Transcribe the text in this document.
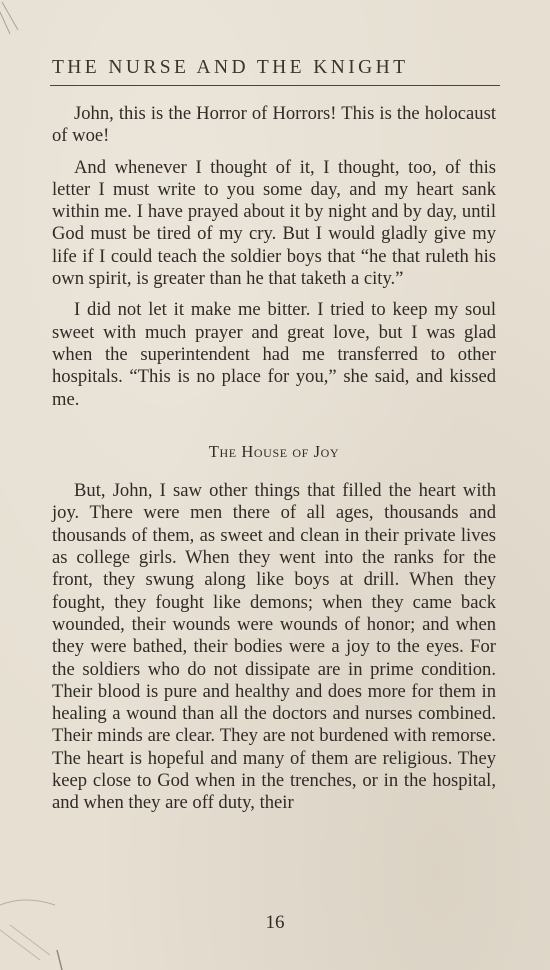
THE NURSE AND THE KNIGHT

John, this is the Horror of Horrors! This is the holocaust of woe!

And whenever I thought of it, I thought, too, of this letter I must write to you some day, and my heart sank within me. I have prayed about it by night and by day, until God must be tired of my cry. But I would gladly give my life if I could teach the soldier boys that “he that ruleth his own spirit, is greater than he that taketh a city.”

I did not let it make me bitter. I tried to keep my soul sweet with much prayer and great love, but I was glad when the superintendent had me transferred to other hospitals. “This is no place for you,” she said, and kissed me.

The House of Joy

But, John, I saw other things that filled the heart with joy. There were men there of all ages, thousands and thousands of them, as sweet and clean in their private lives as college girls. When they went into the ranks for the front, they swung along like boys at drill. When they fought, they fought like demons; when they came back wounded, their wounds were wounds of honor; and when they were bathed, their bodies were a joy to the eyes. For the soldiers who do not dissipate are in prime condition. Their blood is pure and healthy and does more for them in healing a wound than all the doctors and nurses combined. Their minds are clear. They are not burdened with remorse. The heart is hopeful and many of them are religious. They keep close to God when in the trenches, or in the hospital, and when they are off duty, their

16
